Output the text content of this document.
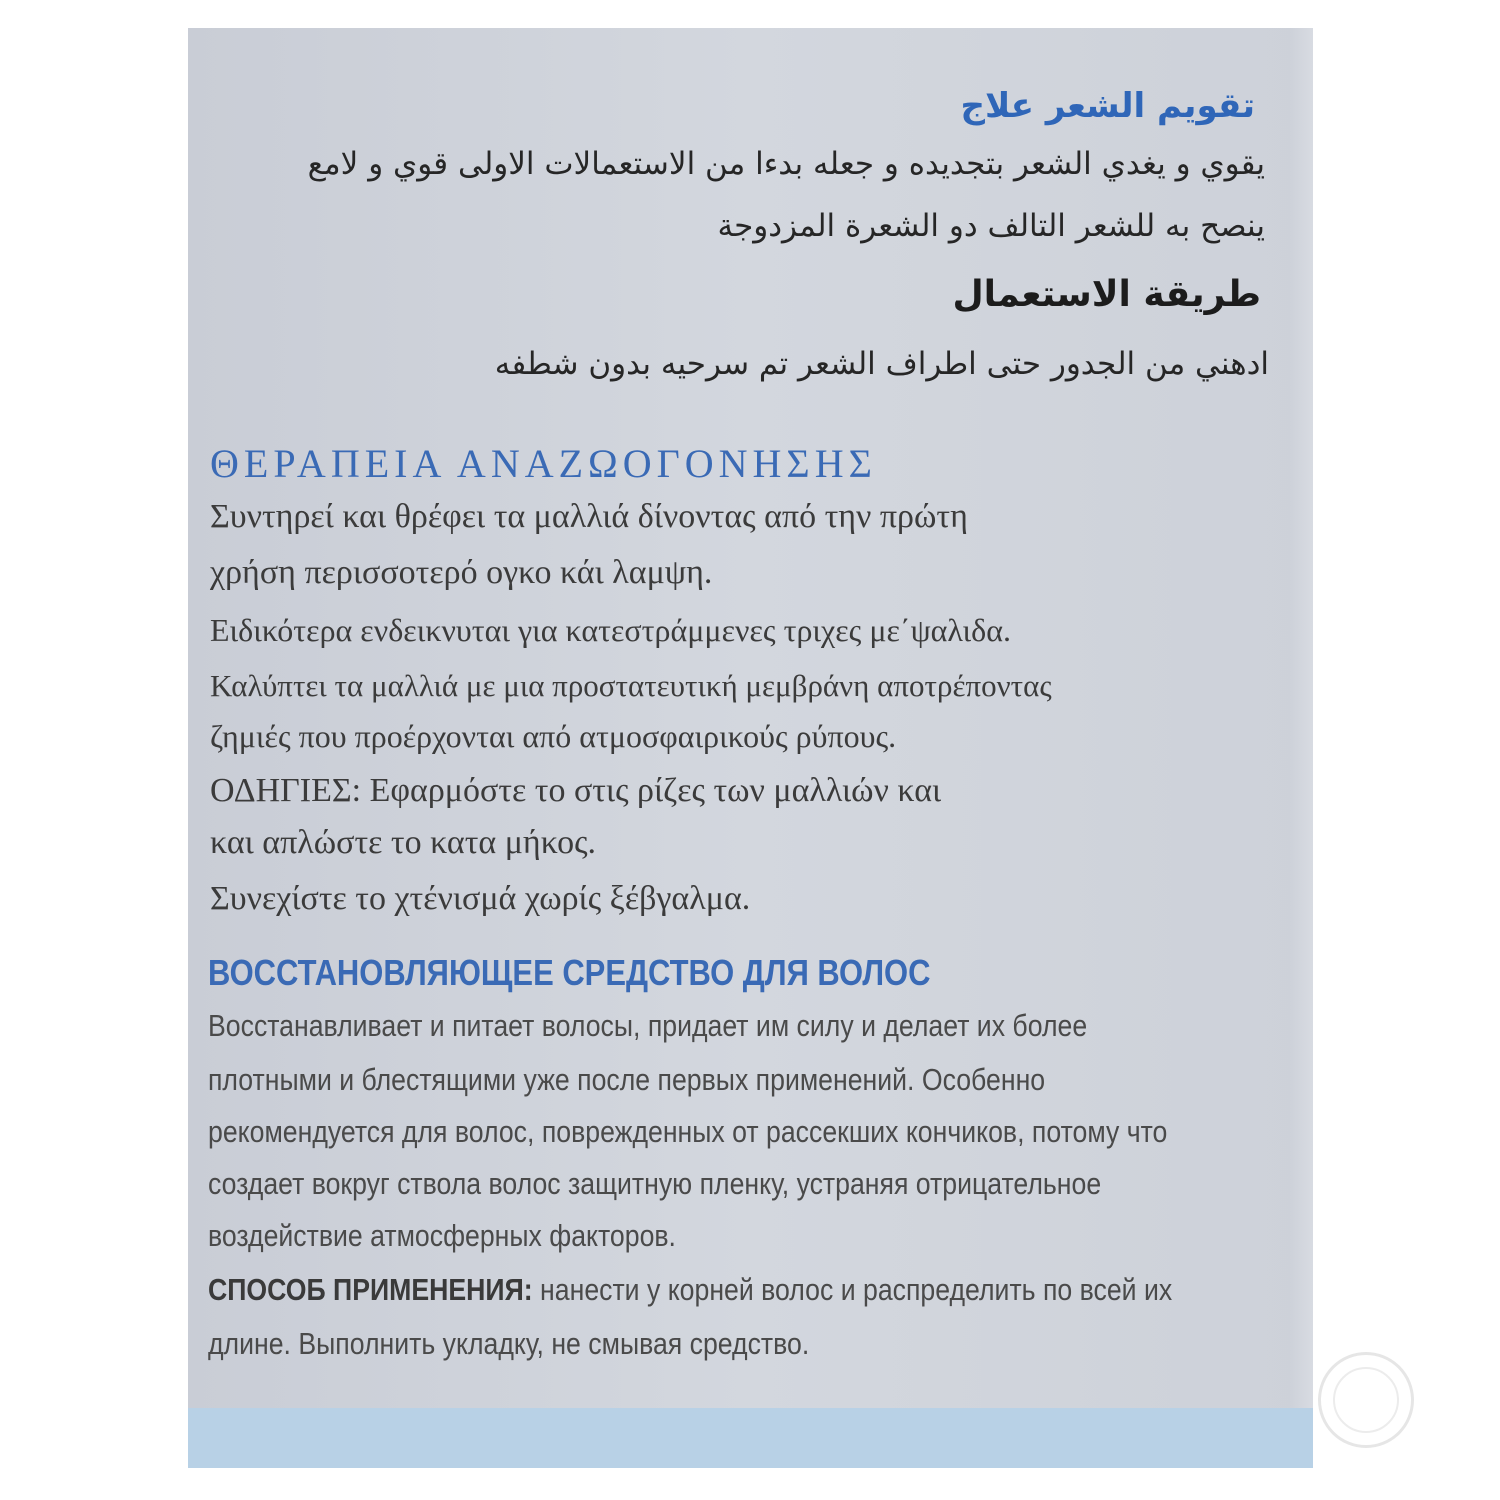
تقويم الشعر علاج
يقوي و يغدي الشعر بتجديده و جعله بدءا من الاستعمالات الاولى قوي و لامع
ينصح به للشعر التالف دو الشعرة المزدوجة
طريقة الاستعمال
ادهني من الجدور حتى اطراف الشعر تم سرحيه بدون شطفه
ΘΕΡΑΠΕΙΑ ΑΝΑΖΩΟΓΟΝΗΣΗΣ
Συντηρεί και θρέφει τα μαλλιά δίνοντας από την πρώτη
χρήση περισσοτερό ογκο κάι λαμψη.
Ειδικότερα ενδεικνυται για κατεστράμμενες τριχες με΄ψαλιδα.
Καλύπτει τα μαλλιά με μια προστατευτική μεμβράνη αποτρέποντας
ζημιές που προέρχονται από ατμοσφαιρικούς ρύπους.
ΟΔΗΓΙΕΣ: Εφαρμόστε το στις ρίζες των μαλλιών και
και απλώστε το κατα μήκος.
Συνεχίστε το χτένισμά χωρίς ξέβγαλμα.
ВОССТАНОВЛЯЮЩЕЕ СРЕДСТВО ДЛЯ ВОЛОС
Восстанавливает и питает волосы, придает им силу и делает их более
плотными и блестящими уже после первых применений. Особенно
рекомендуется для волос, поврежденных от рассекших кончиков, потому что
создает вокруг ствола волос защитную пленку, устраняя отрицательное
воздействие атмосферных факторов.
СПОСОБ ПРИМЕНЕНИЯ: нанести у корней волос и распределить по всей их
длине. Выполнить укладку, не смывая средство.
